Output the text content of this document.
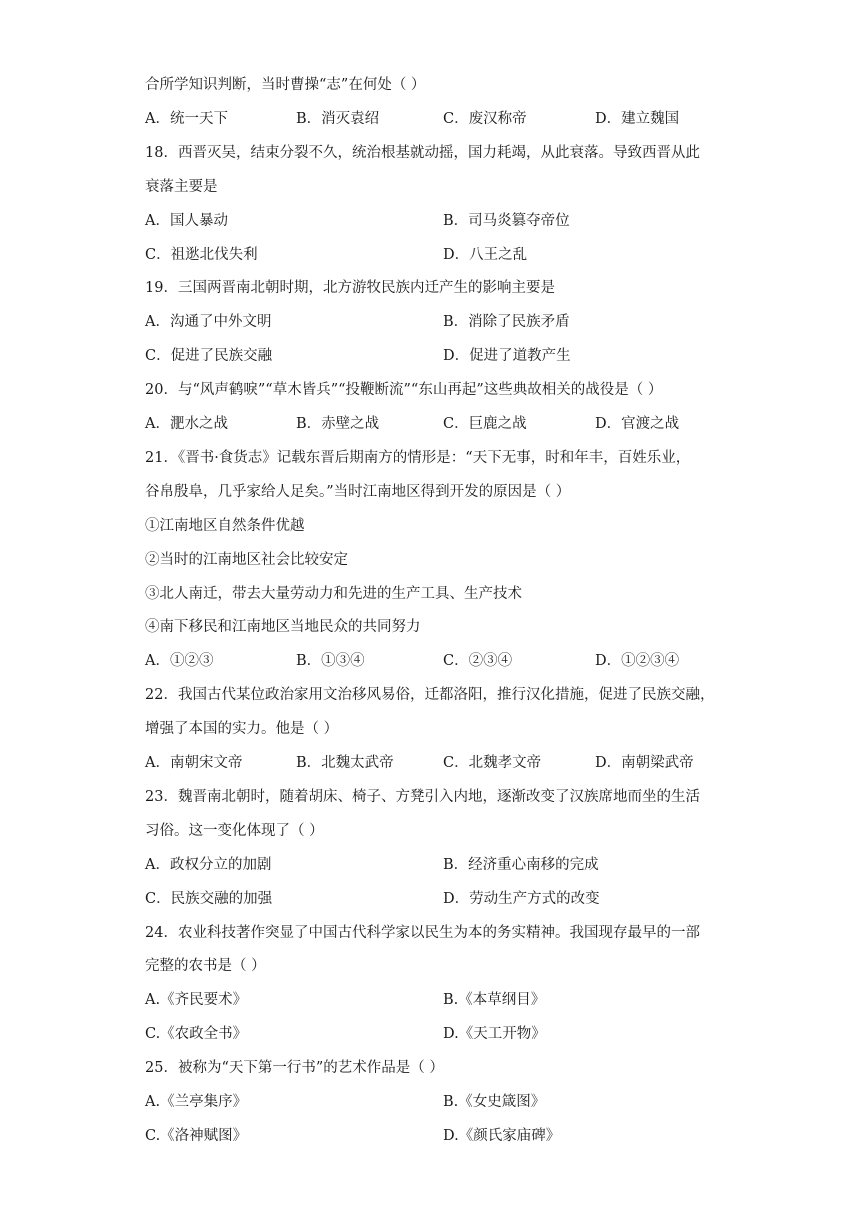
合所学知识判断，当时曹操“志”在何处（ ）
A．统一天下	B．消灭袁绍	C．废汉称帝	D．建立魏国
18．西晋灭吴，结束分裂不久，统治根基就动摇，国力耗竭，从此衰落。导致西晋从此
衰落主要是
A．国人暴动	B．司马炎篡夺帝位
C．祖逖北伐失利	D．八王之乱
19．三国两晋南北朝时期，北方游牧民族内迁产生的影响主要是
A．沟通了中外文明	B．消除了民族矛盾
C．促进了民族交融	D．促进了道教产生
20．与“风声鹤唳”“草木皆兵”“投鞭断流”“东山再起”这些典故相关的战役是（ ）
A．淝水之战	B．赤壁之战	C．巨鹿之战	D．官渡之战
21．《晋书·食货志》记载东晋后期南方的情形是：“天下无事，时和年丰，百姓乐业，
谷帛殷阜，几乎家给人足矣。”当时江南地区得到开发的原因是（ ）
①江南地区自然条件优越
②当时的江南地区社会比较安定
③北人南迁，带去大量劳动力和先进的生产工具、生产技术
④南下移民和江南地区当地民众的共同努力
A．①②③	B．①③④	C．②③④	D．①②③④
22．我国古代某位政治家用文治移风易俗，迁都洛阳，推行汉化措施，促进了民族交融，
增强了本国的实力。他是（ ）
A．南朝宋文帝	B．北魏太武帝	C．北魏孝文帝	D．南朝梁武帝
23．魏晋南北朝时，随着胡床、椅子、方凳引入内地，逐渐改变了汉族席地而坐的生活
习俗。这一变化体现了（ ）
A．政权分立的加剧	B．经济重心南移的完成
C．民族交融的加强	D．劳动生产方式的改变
24．农业科技著作突显了中国古代科学家以民生为本的务实精神。我国现存最早的一部
完整的农书是（ ）
A.《齐民要术》	B.《本草纲目》
C.《农政全书》	D.《天工开物》
25．被称为“天下第一行书”的艺术作品是（ ）
A.《兰亭集序》	B.《女史箴图》
C.《洛神赋图》	D.《颜氏家庙碑》
